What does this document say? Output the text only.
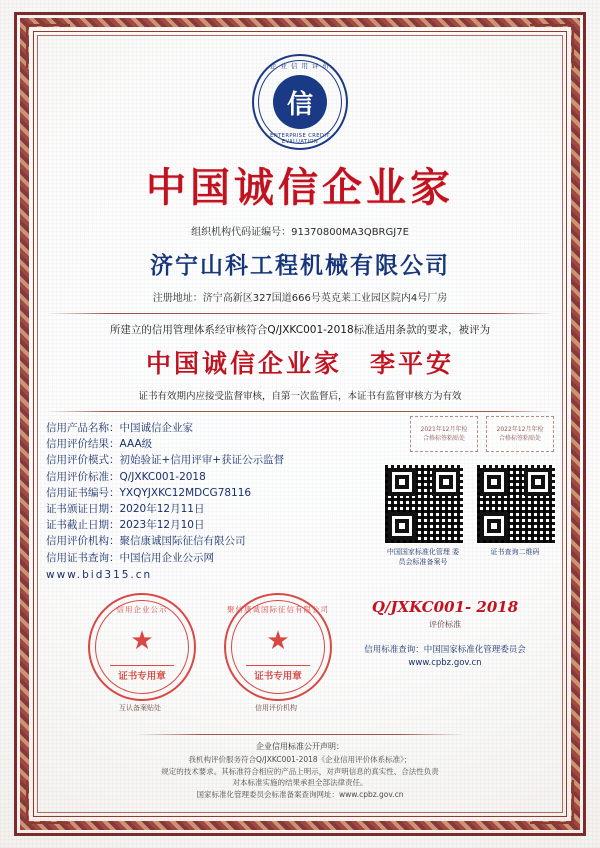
企 业 信 用 评 价
信
ENTERPRISE CREDIT EVALUATION
中国诚信企业家
组织机构代码证编号：91370800MA3QBRGJ7E
济宁山科工程机械有限公司
注册地址：济宁高新区327国道666号英克莱工业园区院内4号厂房
所建立的信用管理体系经审核符合Q/JXKC001-2018标准适用条款的要求，被评为
中国诚信企业家　李平安
证书有效期内应接受监督审核，自第一次监督后，本证书有监督审核方为有效
2021年12月年检
合格标签粘贴处
2022年12月年检
合格标签粘贴处
信用产品名称：中国诚信企业家
信用评价结果：AAA级
信用评价模式：初始验证+信用评审+获证公示监督
信用评价标准：Q/JXKC001-2018
信用证书编号：YXQYJXKC12MDCG78116
证书颁证日期：2020年12月11日
证书截止日期：2023年12月10日
信用评价机构：聚信康诚国际征信有限公司
信用证书查询：中国信用企业公示网
www.bid315.cn
中国国家标准化管理 委员会标准备案号
证书查询二维码
信用企业公示
★
证书专用章
互认备案贴处
聚信康诚国际征信有限公司
★
证书专用章
信用评价机构
Q/JXKC001- 2018
评价标准
信用标准查询：中国国家标准化管理委员会
www.cpbz.gov.cn
企业信用标准公开声明：
我机构评价服务符合Q/JXKC001-2018《企业信用评价体系标准》；
规定的技术要求。其标准符合相应的产品上明示，对声明信息的真实性、合法性负责
对本标准实施的结果承担全部法律责任。
国家标准化管理委员会标准备案查询网址：www.cpbz.gov.cn
